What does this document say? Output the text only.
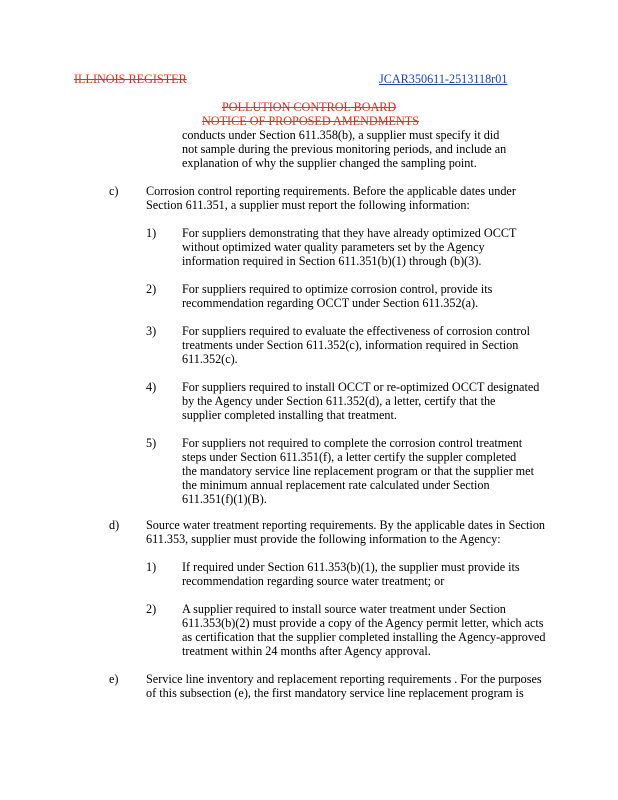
ILLINOIS REGISTER	JCAR350611-2513118r01
POLLUTION CONTROL BOARD
NOTICE OF PROPOSED AMENDMENTS
conducts under Section 611.358(b), a supplier must specify it did
not sample during the previous monitoring periods, and include an
explanation of why the supplier changed the sampling point.
c) Corrosion control reporting requirements. Before the applicable dates under
Section 611.351, a supplier must report the following information:
1) For suppliers demonstrating that they have already optimized OCCT
without optimized water quality parameters set by the Agency
information required in Section 611.351(b)(1) through (b)(3).
2) For suppliers required to optimize corrosion control, provide its
recommendation regarding OCCT under Section 611.352(a).
3) For suppliers required to evaluate the effectiveness of corrosion control
treatments under Section 611.352(c), information required in Section
611.352(c).
4) For suppliers required to install OCCT or re-optimized OCCT designated
by the Agency under Section 611.352(d), a letter, certify that the
supplier completed installing that treatment.
5) For suppliers not required to complete the corrosion control treatment
steps under Section 611.351(f), a letter certify the suppler completed
the mandatory service line replacement program or that the supplier met
the minimum annual replacement rate calculated under Section
611.351(f)(1)(B).
d) Source water treatment reporting requirements. By the applicable dates in Section
611.353, supplier must provide the following information to the Agency:
1) If required under Section 611.353(b)(1), the supplier must provide its
recommendation regarding source water treatment; or
2) A supplier required to install source water treatment under Section
611.353(b)(2) must provide a copy of the Agency permit letter, which acts
as certification that the supplier completed installing the Agency-approved
treatment within 24 months after Agency approval.
e) Service line inventory and replacement reporting requirements . For the purposes
of this subsection (e), the first mandatory service line replacement program is
